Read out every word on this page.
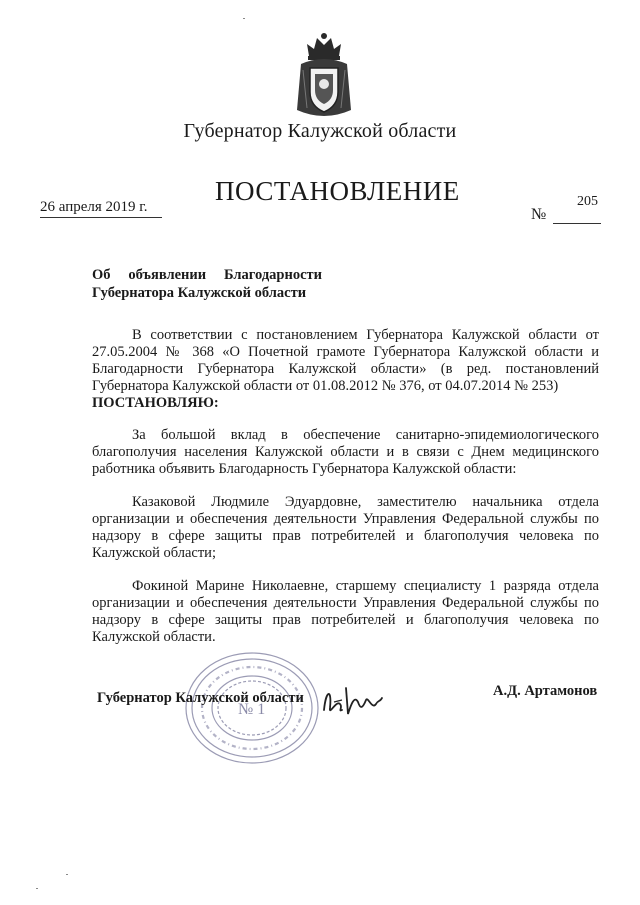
Губернатор Калужской области
ПОСТАНОВЛЕНИЕ
26 апреля 2019 г.	№
205
Об объявлении Благодарности
Губернатора Калужской области

В соответствии с постановлением Губернатора Калужской области от 27.05.2004 № 368 «О Почетной грамоте Губернатора Калужской области и Благодарности Губернатора Калужской области» (в ред. постановлений Губернатора Калужской области от 01.08.2012 № 376, от 04.07.2014 № 253)
ПОСТАНОВЛЯЮ:

За большой вклад в обеспечение санитарно-эпидемиологического благополучия населения Калужской области и в связи с Днем медицинского работника объявить Благодарность Губернатора Калужской области:

Казаковой Людмиле Эдуардовне, заместителю начальника отдела организации и обеспечения деятельности Управления Федеральной службы по надзору в сфере защиты прав потребителей и благополучия человека по Калужской области;

Фокиной Марине Николаевне, старшему специалисту 1 разряда отдела организации и обеспечения деятельности Управления Федеральной службы по надзору в сфере защиты прав потребителей и благополучия человека по Калужской области.

№ 1
Губернатор Калужской области	А.Д. Артамонов
